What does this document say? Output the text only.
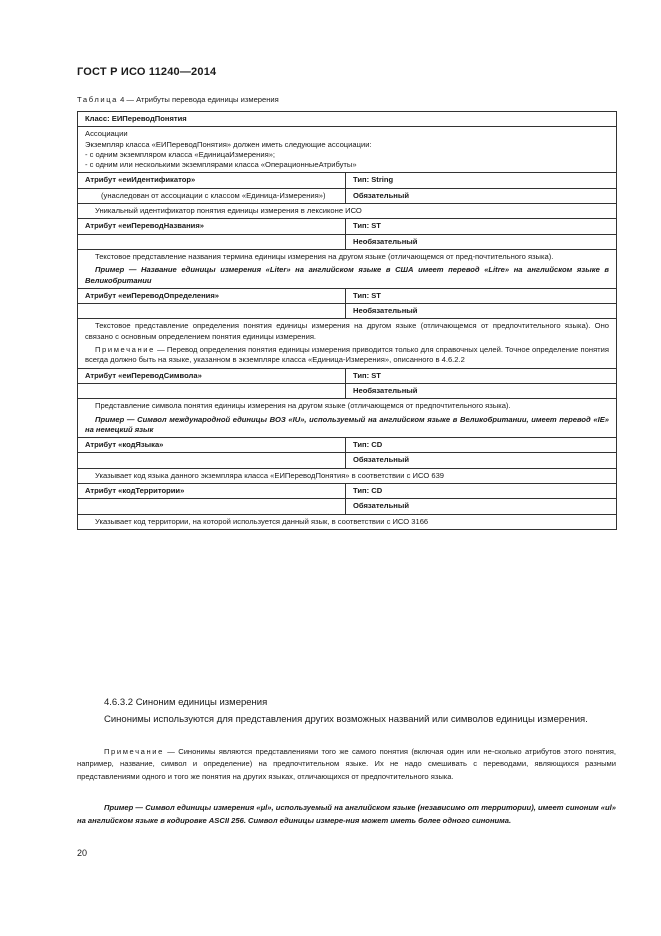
ГОСТ Р ИСО 11240—2014
Таблица 4 — Атрибуты перевода единицы измерения
Класс: ЕИПереводПонятия	

Ассоциации
Экземпляр класса «ЕИПереводПонятия» должен иметь следующие ассоциации:
- с одним экземпляром класса «ЕдиницаИзмерения»;
- с одним или несколькими экземплярами класса «ОперационныеАтрибуты»	

Атрибут «еиИдентификатор»	Тип: String
(унаследован от ассоциации с классом «Единица-Измерения»)	Обязательный
Уникальный идентификатор понятия единицы измерения в лексиконе ИСО	
Атрибут «еиПереводНазвания»	Тип: ST
	Необязательный

Текстовое представление названия термина единицы измерения на другом языке (отличающемся от пред-почтительного языка).
Пример — Название единицы измерения «Liter» на английском языке в США имеет перевод «Litre» на английском языке в Великобритании	

Атрибут «еиПереводОпределения»	Тип: ST
	Необязательный

Текстовое представление определения понятия единицы измерения на другом языке (отличающемся от предпочтительного языка). Оно связано с основным определением понятия единицы измерения.
Примечание — Перевод определения понятия единицы измерения приводится только для справочных целей. Точное определение понятия всегда должно быть на языке, указанном в экземпляре класса «Единица-Измерения», описанного в 4.6.2.2	

Атрибут «еиПереводСимвола»	Тип: ST
	Необязательный

Представление символа понятия единицы измерения на другом языке (отличающемся от предпочтительного языка).
Пример — Символ международной единицы ВОЗ «IU», используемый на английском языке в Великобритании, имеет перевод «IE» на немецкий язык	

Атрибут «кодЯзыка»	Тип: CD
	Обязательный
Указывает код языка данного экземпляра класса «ЕИПереводПонятия» в соответствии с ИСО 639	
Атрибут «кодТерритории»	Тип: CD
	Обязательный
Указывает код территории, на которой используется данный язык, в соответствии с ИСО 3166	
4.6.3.2 Синоним единицы измерения
Синонимы используются для представления других возможных названий или символов единицы измерения.
Примечание — Синонимы являются представлениями того же самого понятия (включая один или не-сколько атрибутов этого понятия, например, название, символ и определение) на предпочтительном языке. Их не надо смешивать с переводами, являющихся разными представлениями одного и того же понятия на других языках, отличающихся от предпочтительного языка.
Пример — Символ единицы измерения «μl», используемый на английском языке (независимо от территории), имеет синоним «ul» на английском языке в кодировке ASCII 256. Символ единицы измере-ния может иметь более одного синонима.
20
